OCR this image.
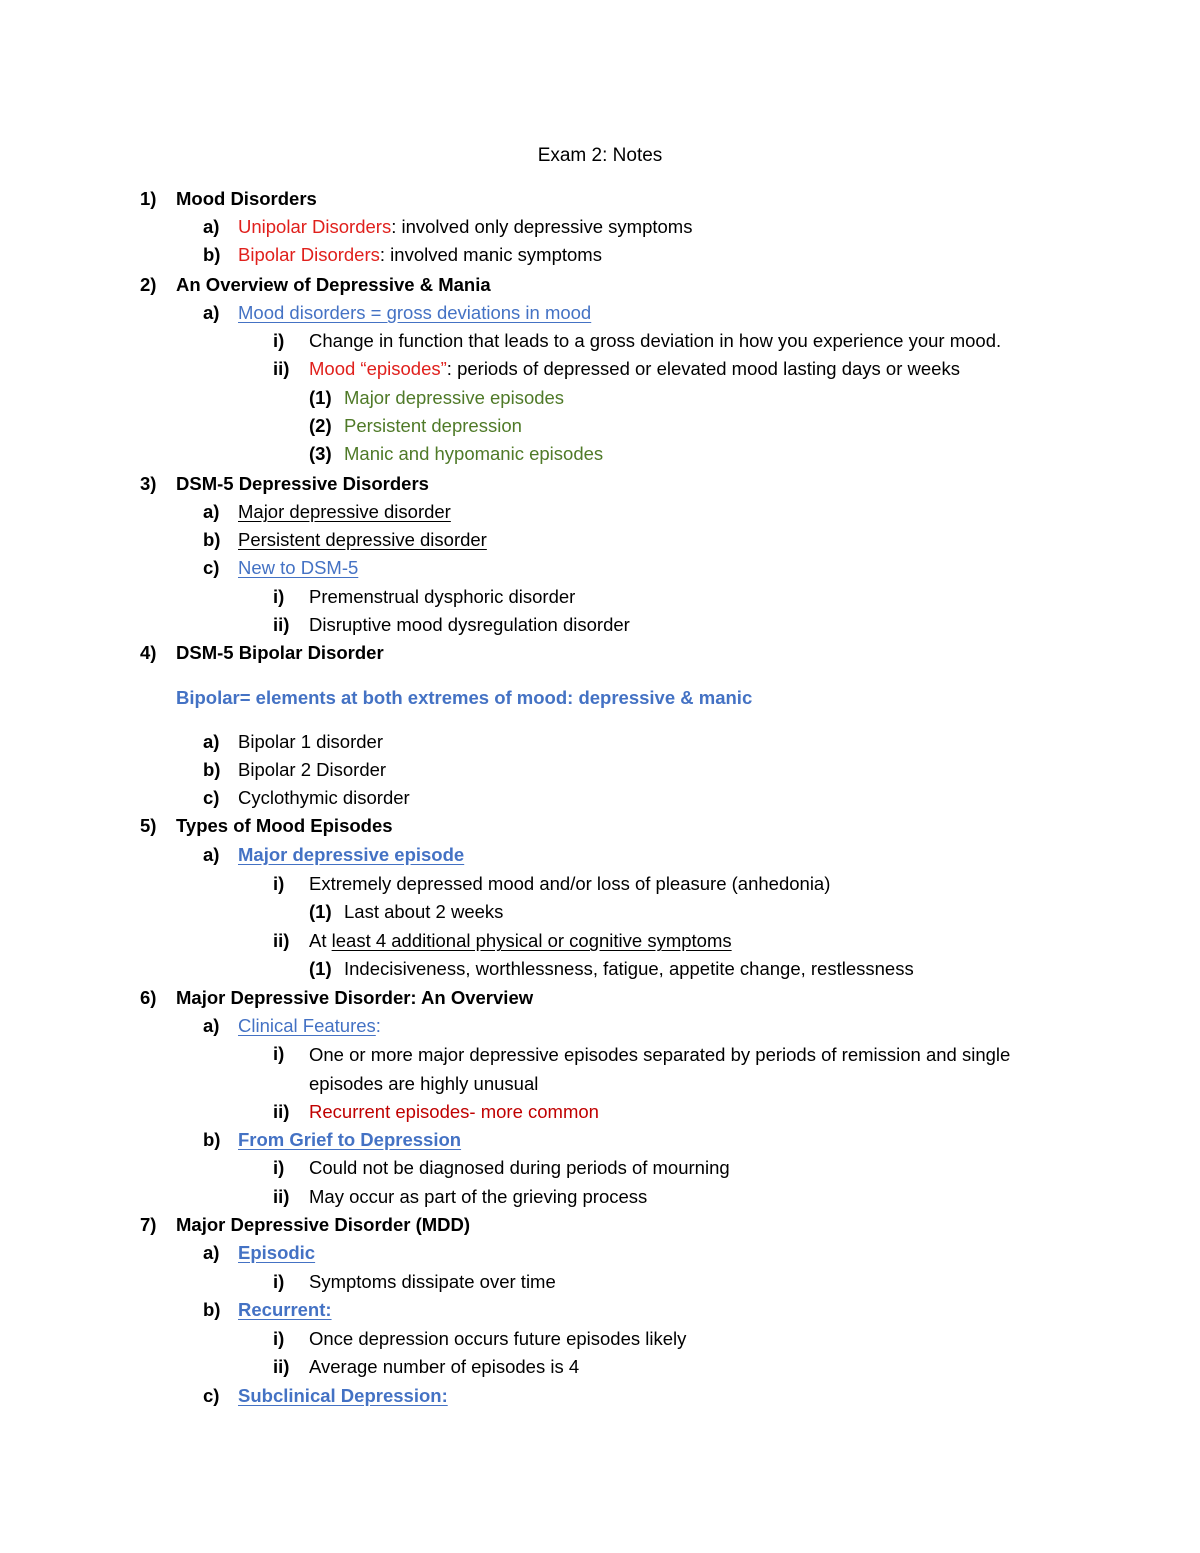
Exam 2: Notes
1) Mood Disorders
a) Unipolar Disorders: involved only depressive symptoms
b) Bipolar Disorders: involved manic symptoms
2) An Overview of Depressive & Mania
a) Mood disorders = gross deviations in mood
i) Change in function that leads to a gross deviation in how you experience your mood.
ii) Mood “episodes”: periods of depressed or elevated mood lasting days or weeks
(1) Major depressive episodes
(2) Persistent depression
(3) Manic and hypomanic episodes
3) DSM-5 Depressive Disorders
a) Major depressive disorder
b) Persistent depressive disorder
c) New to DSM-5
i) Premenstrual dysphoric disorder
ii) Disruptive mood dysregulation disorder
4) DSM-5 Bipolar Disorder
Bipolar= elements at both extremes of mood: depressive & manic
a) Bipolar 1 disorder
b) Bipolar 2 Disorder
c) Cyclothymic disorder
5) Types of Mood Episodes
a) Major depressive episode
i) Extremely depressed mood and/or loss of pleasure (anhedonia)
(1) Last about 2 weeks
ii) At least 4 additional physical or cognitive symptoms
(1) Indecisiveness, worthlessness, fatigue, appetite change, restlessness
6) Major Depressive Disorder: An Overview
a) Clinical Features:
i) One or more major depressive episodes separated by periods of remission and single episodes are highly unusual
ii) Recurrent episodes- more common
b) From Grief to Depression
i) Could not be diagnosed during periods of mourning
ii) May occur as part of the grieving process
7) Major Depressive Disorder (MDD)
a) Episodic
i) Symptoms dissipate over time
b) Recurrent:
i) Once depression occurs future episodes likely
ii) Average number of episodes is 4
c) Subclinical Depression:
